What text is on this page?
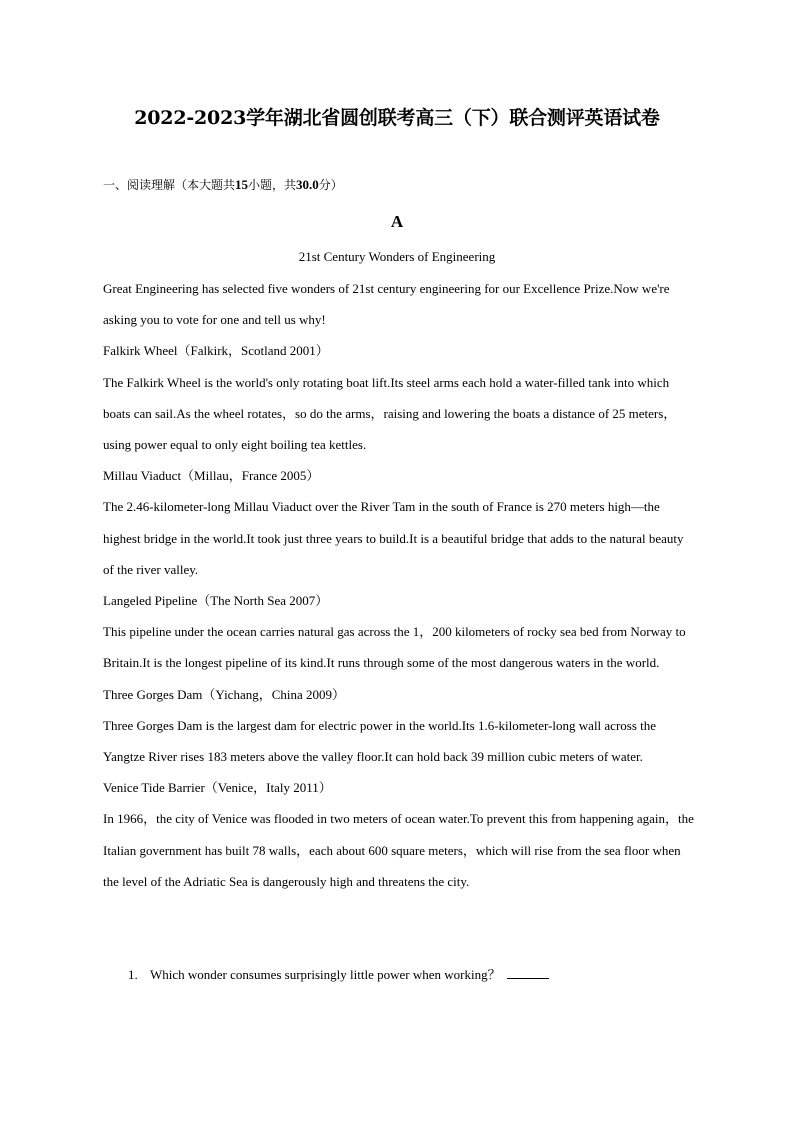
2022-2023学年湖北省圆创联考高三（下）联合测评英语试卷
一、阅读理解（本大题共15小题，共30.0分）
A
21st Century Wonders of Engineering

Great Engineering has selected five wonders of 21st century engineering for our Excellence Prize.Now we're asking you to vote for one and tell us why!

Falkirk Wheel（Falkirk，Scotland 2001）

The Falkirk Wheel is the world's only rotating boat lift.Its steel arms each hold a water-filled tank into which boats can sail.As the wheel rotates，so do the arms，raising and lowering the boats a distance of 25 meters，using power equal to only eight boiling tea kettles.

Millau Viaduct（Millau，France 2005）

The 2.46-kilometer-long Millau Viaduct over the River Tam in the south of France is 270 meters high—the highest bridge in the world.It took just three years to build.It is a beautiful bridge that adds to the natural beauty of the river valley.

Langeled Pipeline（The North Sea 2007）

This pipeline under the ocean carries natural gas across the 1，200 kilometers of rocky sea bed from Norway to Britain.It is the longest pipeline of its kind.It runs through some of the most dangerous waters in the world.

Three Gorges Dam（Yichang，China 2009）

Three Gorges Dam is the largest dam for electric power in the world.Its 1.6-kilometer-long wall across the Yangtze River rises 183 meters above the valley floor.It can hold back 39 million cubic meters of water.

Venice Tide Barrier（Venice，Italy 2011）

In 1966，the city of Venice was flooded in two meters of ocean water.To prevent this from happening again，the Italian government has built 78 walls，each about 600 square meters，which will rise from the sea floor when the level of the Adriatic Sea is dangerously high and threatens the city.

1. Which wonder consumes surprisingly little power when working？
